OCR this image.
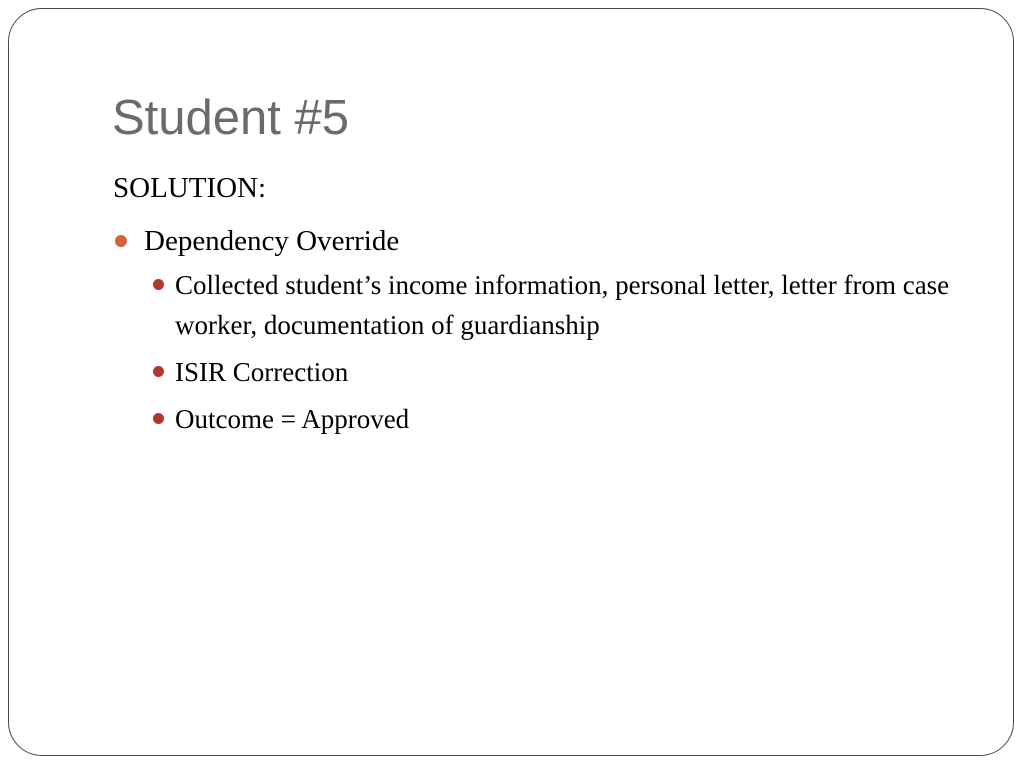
Student #5

SOLUTION:

Dependency Override
Collected student’s income information, personal letter, letter from case worker, documentation of guardianship
ISIR Correction
Outcome = Approved
